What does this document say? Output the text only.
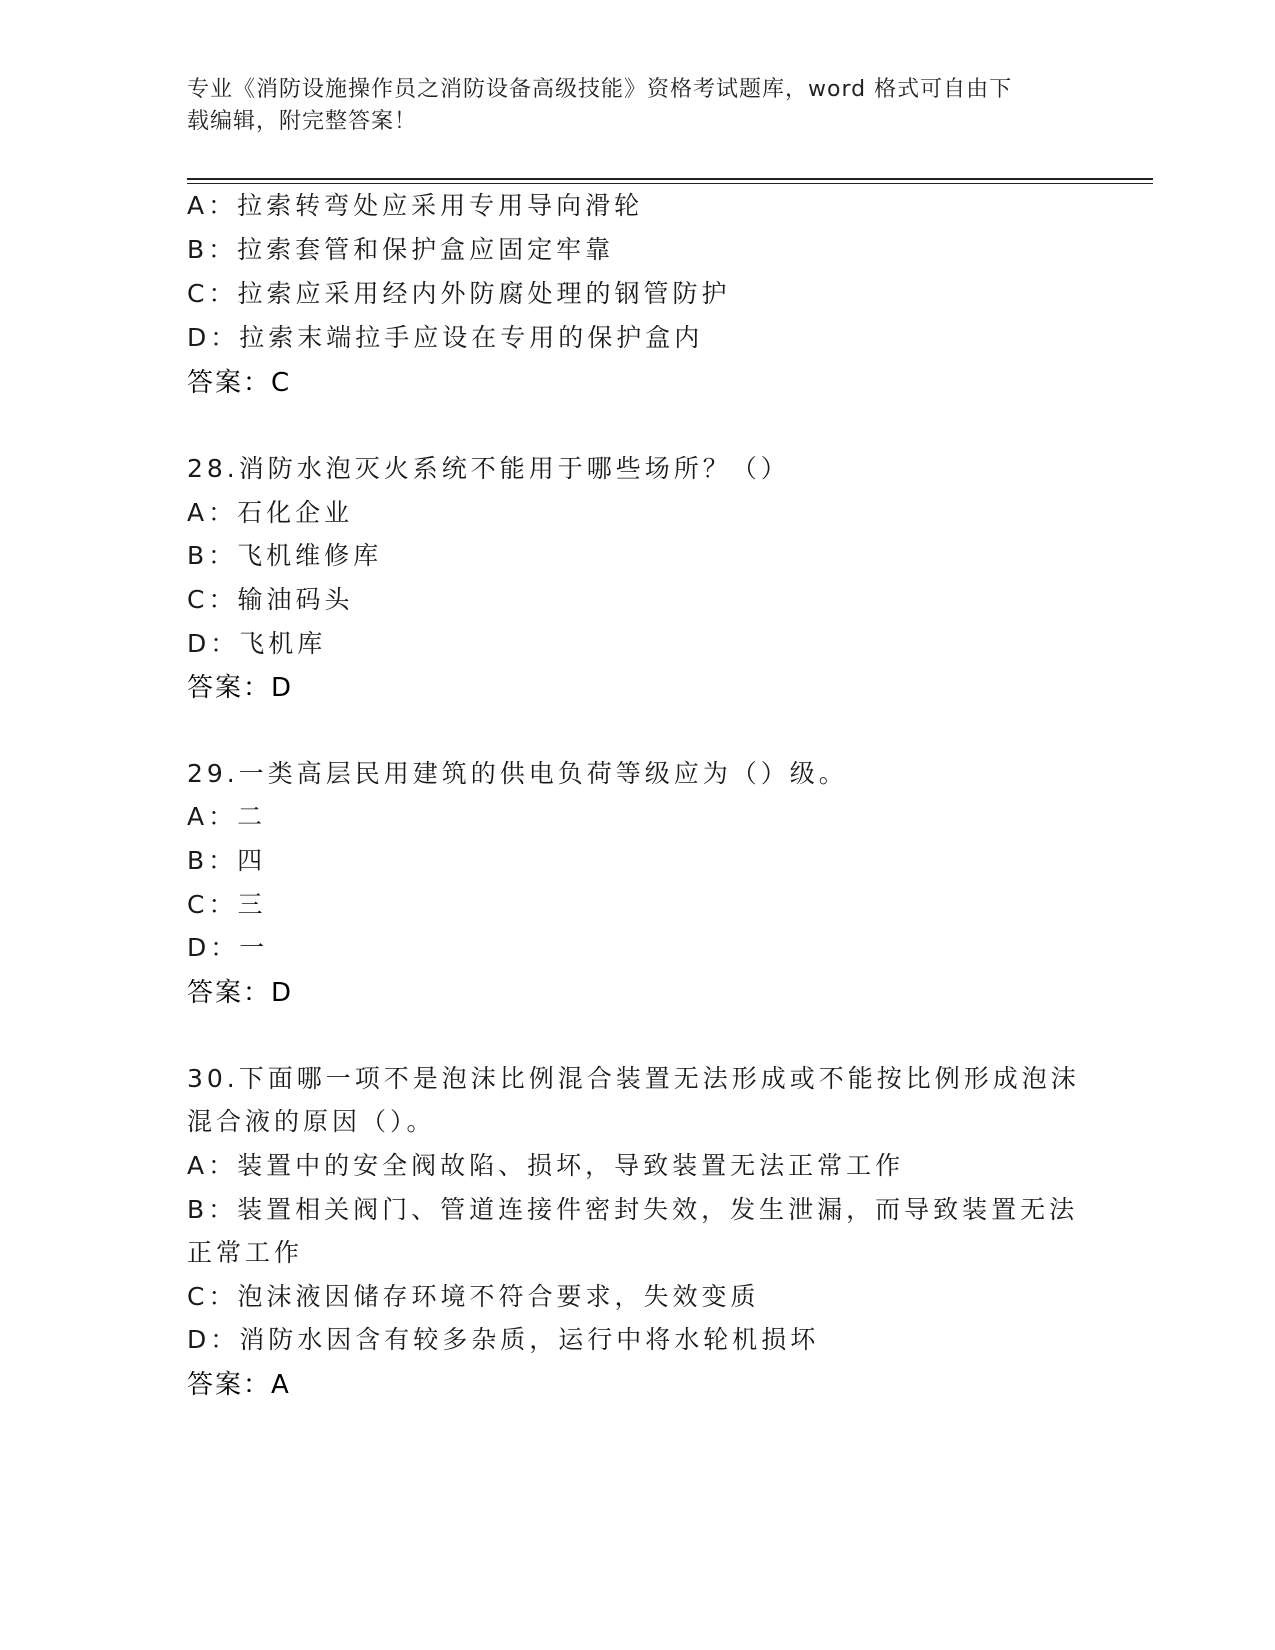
专业《消防设施操作员之消防设备高级技能》资格考试题库，word 格式可自由下
载编辑，附完整答案！
A：拉索转弯处应采用专用导向滑轮
B：拉索套管和保护盒应固定牢靠
C：拉索应采用经内外防腐处理的钢管防护
D：拉索末端拉手应设在专用的保护盒内
答案：C
28.消防水泡灭火系统不能用于哪些场所？（）
A：石化企业
B：飞机维修库
C：输油码头
D：飞机库
答案：D
29.一类高层民用建筑的供电负荷等级应为（）级。
A：二
B：四
C：三
D：一
答案：D
30.下面哪一项不是泡沫比例混合装置无法形成或不能按比例形成泡沫
混合液的原因（）。
A：装置中的安全阀故陷、损坏，导致装置无法正常工作
B：装置相关阀门、管道连接件密封失效，发生泄漏，而导致装置无法
正常工作
C：泡沫液因储存环境不符合要求，失效变质
D：消防水因含有较多杂质，运行中将水轮机损坏
答案：A
